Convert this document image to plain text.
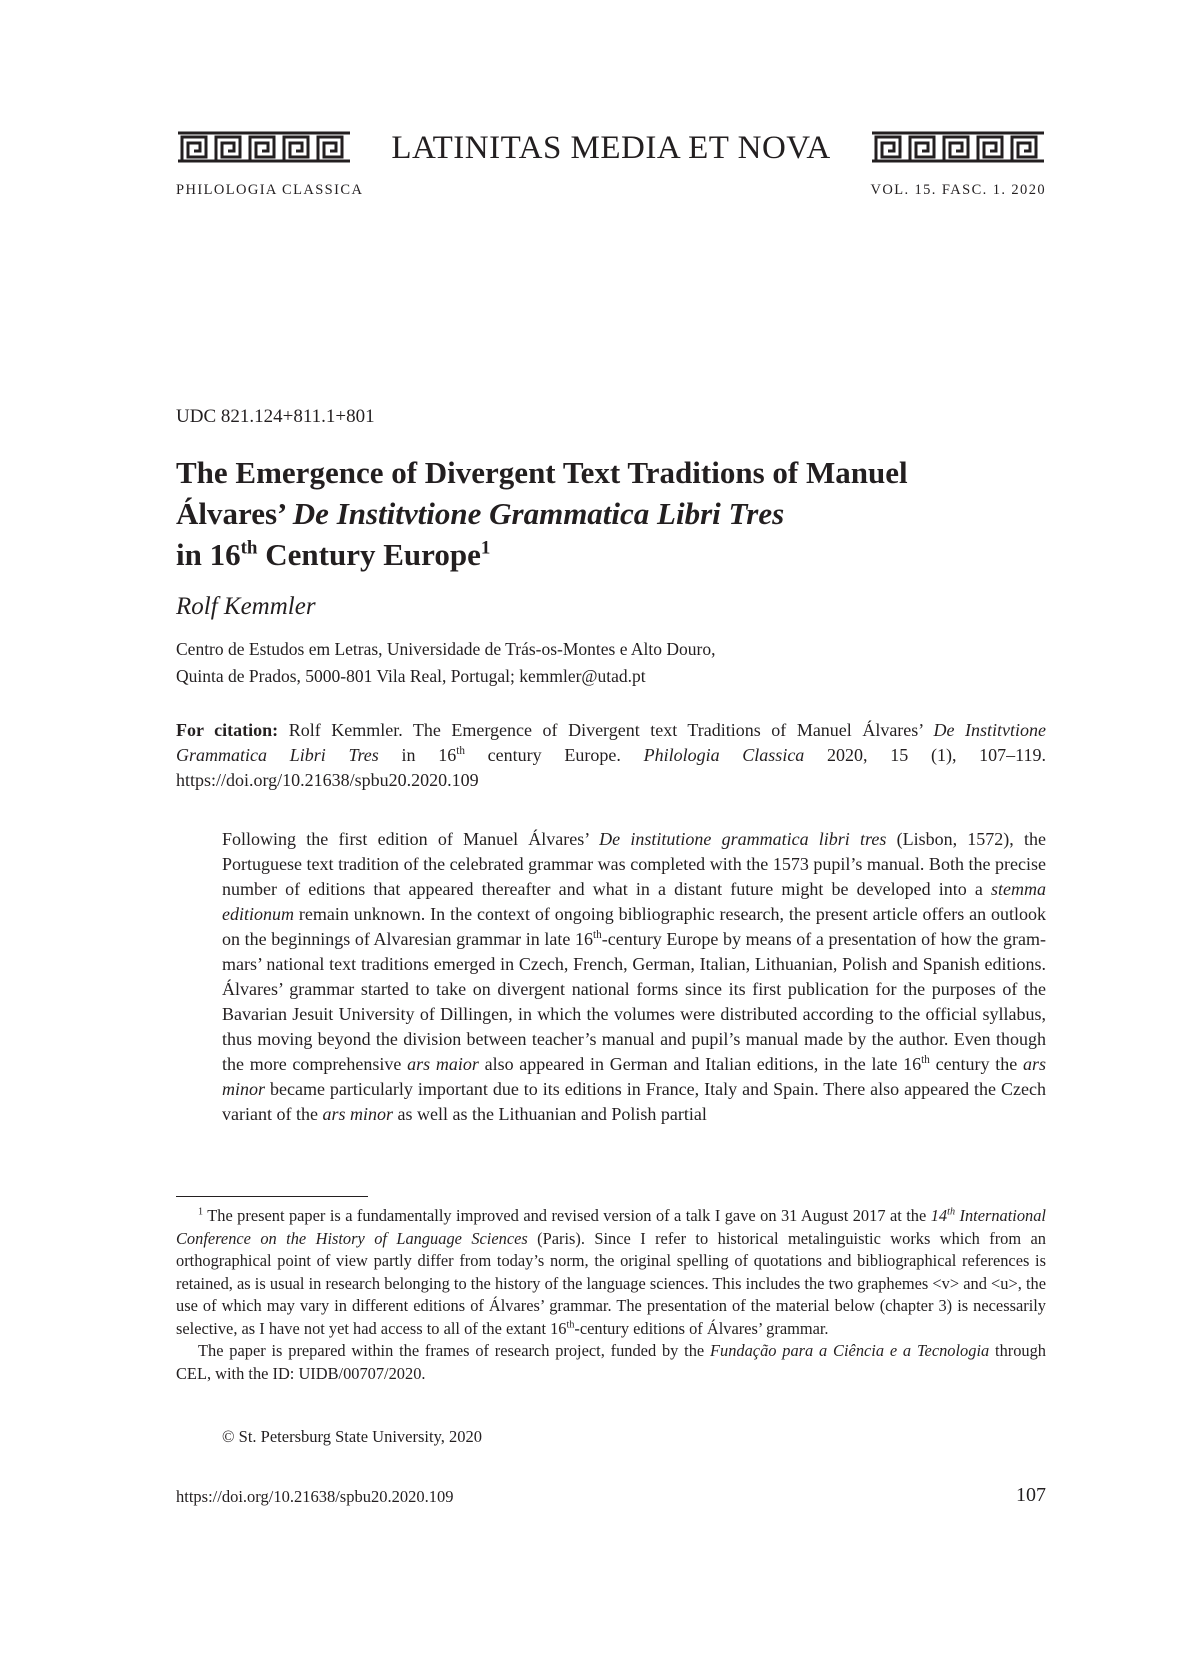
LATINITAS MEDIA ET NOVA
PHILOLOGIA CLASSICA	VOL. 15. FASC. 1. 2020
UDC 821.124+811.1+801
The Emergence of Divergent Text Traditions of Manuel
Álvares’ De Institvtione Grammatica Libri Tres
in 16th Century Europe$^1$
Rolf Kemmler
Centro de Estudos em Letras, Universidade de Trás-os-Montes e Alto Douro,
Quinta de Prados, 5000-801 Vila Real, Portugal; kemmler@utad.pt
For citation: Rolf Kemmler. The Emergence of Divergent text Traditions of Manuel Álvares’ De Institvtione Grammatica Libri Tres in 16th century Europe. Philologia Classica 2020, 15 (1), 107–119. https://doi.org/10.21638/spbu20.2020.109
Following the first edition of Manuel Álvares’ De institutione grammatica libri tres (Lisbon, 1572), the Portuguese text tradition of the celebrated grammar was completed with the 1573 pupil’s manual. Both the precise number of editions that appeared thereafter and what in a distant future might be developed into a stemma editionum remain unknown. In the context of ongoing bibliographic research, the present article offers an outlook on the beginnings of Alvaresian grammar in late 16th-century Europe by means of a presentation of how the grammars’ national text traditions emerged in Czech, French, German, Italian, Lithuanian, Polish and Spanish editions. Álvares’ grammar started to take on divergent national forms since its first publication for the purposes of the Bavarian Jesuit University of Dillingen, in which the volumes were distributed according to the official syllabus, thus moving beyond the division between teacher’s manual and pupil’s manual made by the author. Even though the more comprehensive ars maior also appeared in German and Italian editions, in the late 16th century the ars minor became particularly important due to its editions in France, Italy and Spain. There also appeared the Czech variant of the ars minor as well as the Lithuanian and Polish partial

$^1$ The present paper is a fundamentally improved and revised version of a talk I gave on 31 August 2017 at the 14th International Conference on the History of Language Sciences (Paris). Since I refer to historical metalinguistic works which from an orthographical point of view partly differ from today’s norm, the original spelling of quotations and bibliographical references is retained, as is usual in research belonging to the history of the language sciences. This includes the two graphemes <v> and <u>, the use of which may vary in different editions of Álvares’ grammar. The presentation of the material below (chapter 3) is necessarily selective, as I have not yet had access to all of the extant 16th-century editions of Álvares’ grammar.

The paper is prepared within the frames of research project, funded by the Fundação para a Ciência e a Tecnologia through CEL, with the ID: UIDB/00707/2020.

© St. Petersburg State University, 2020
https://doi.org/10.21638/spbu20.2020.109	107
